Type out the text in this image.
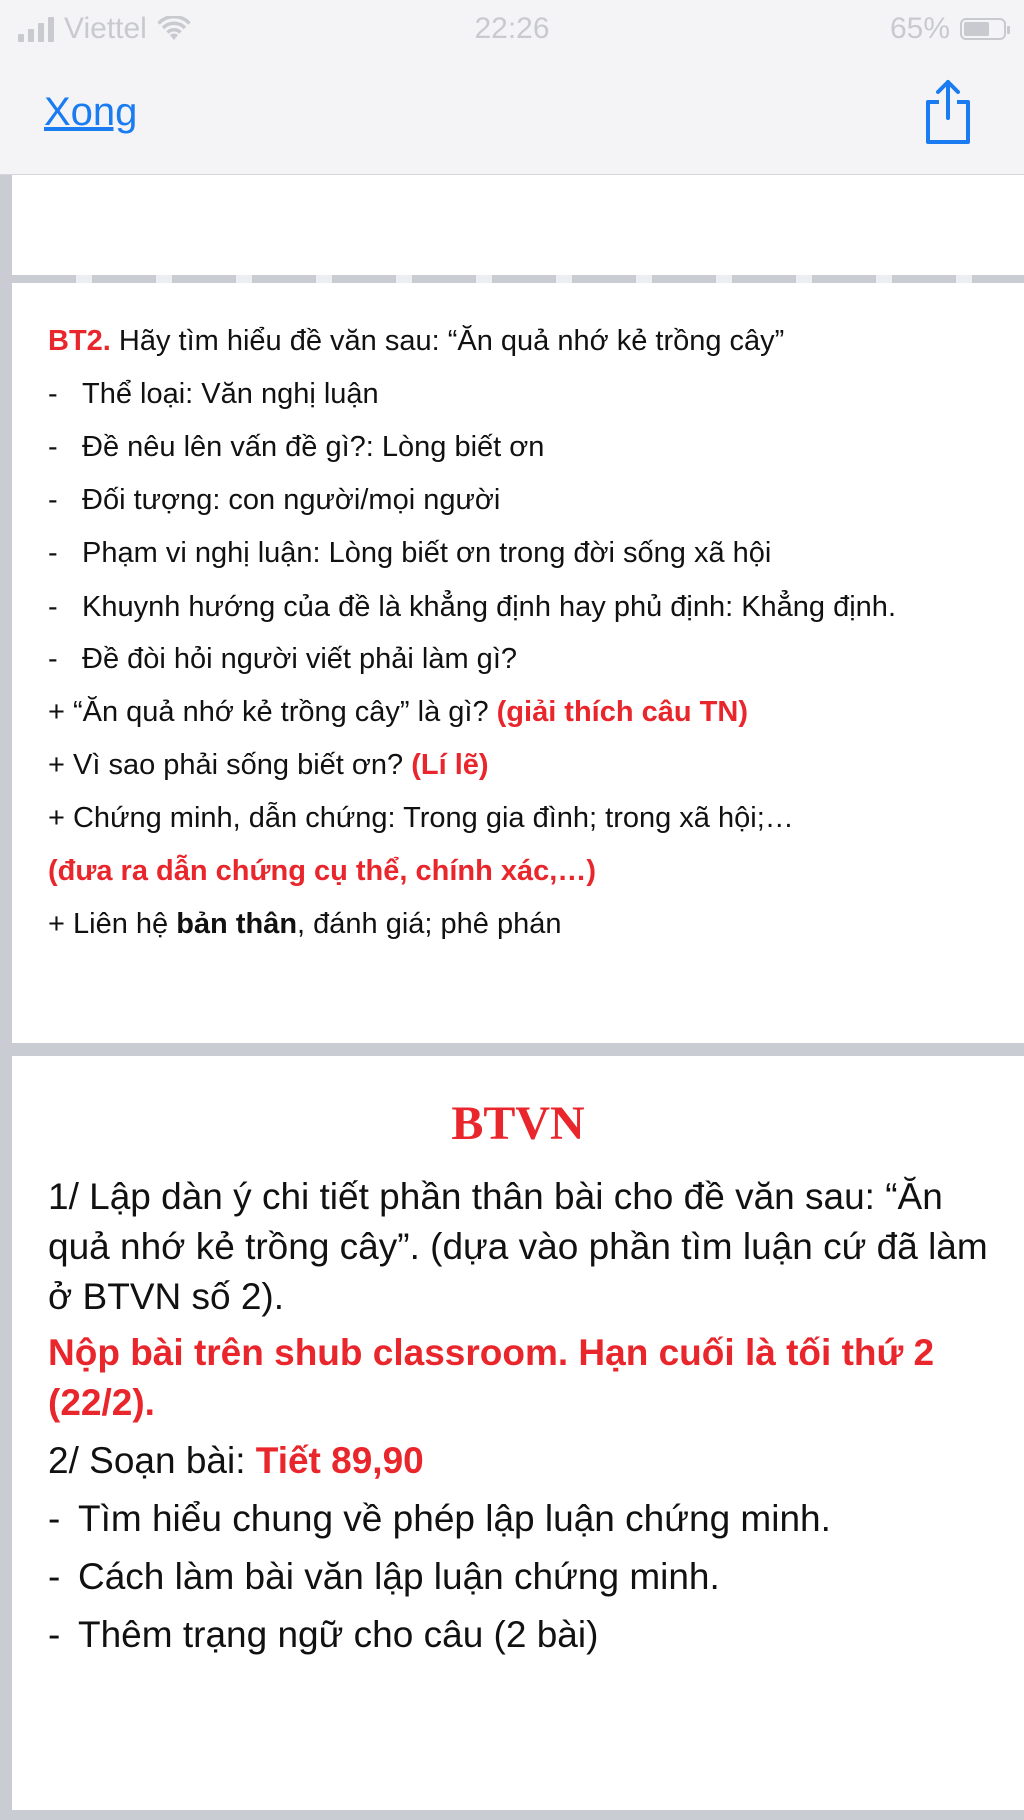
Viettel	22:26	65%
Xong
BT2. Hãy tìm hiểu đề văn sau: “Ăn quả nhớ kẻ trồng cây”
- Thể loại: Văn nghị luận
- Đề nêu lên vấn đề gì?: Lòng biết ơn
- Đối tượng: con người/mọi người
- Phạm vi nghị luận: Lòng biết ơn trong đời sống xã hội
- Khuynh hướng của đề là khẳng định hay phủ định: Khẳng định.
- Đề đòi hỏi người viết phải làm gì?
+ “Ăn quả nhớ kẻ trồng cây” là gì? (giải thích câu TN)
+ Vì sao phải sống biết ơn? (Lí lẽ)
+ Chứng minh, dẫn chứng: Trong gia đình; trong xã hội;…
(đưa ra dẫn chứng cụ thể, chính xác,…)
+ Liên hệ bản thân, đánh giá; phê phán
BTVN

1/ Lập dàn ý chi tiết phần thân bài cho đề văn sau: “Ăn quả nhớ kẻ trồng cây”. (dựa vào phần tìm luận cứ đã làm ở BTVN số 2).

Nộp bài trên shub classroom. Hạn cuối là tối thứ 2 (22/2).

2/ Soạn bài: Tiết 89,90

- Tìm hiểu chung về phép lập luận chứng minh.
- Cách làm bài văn lập luận chứng minh.
- Thêm trạng ngữ cho câu (2 bài)
